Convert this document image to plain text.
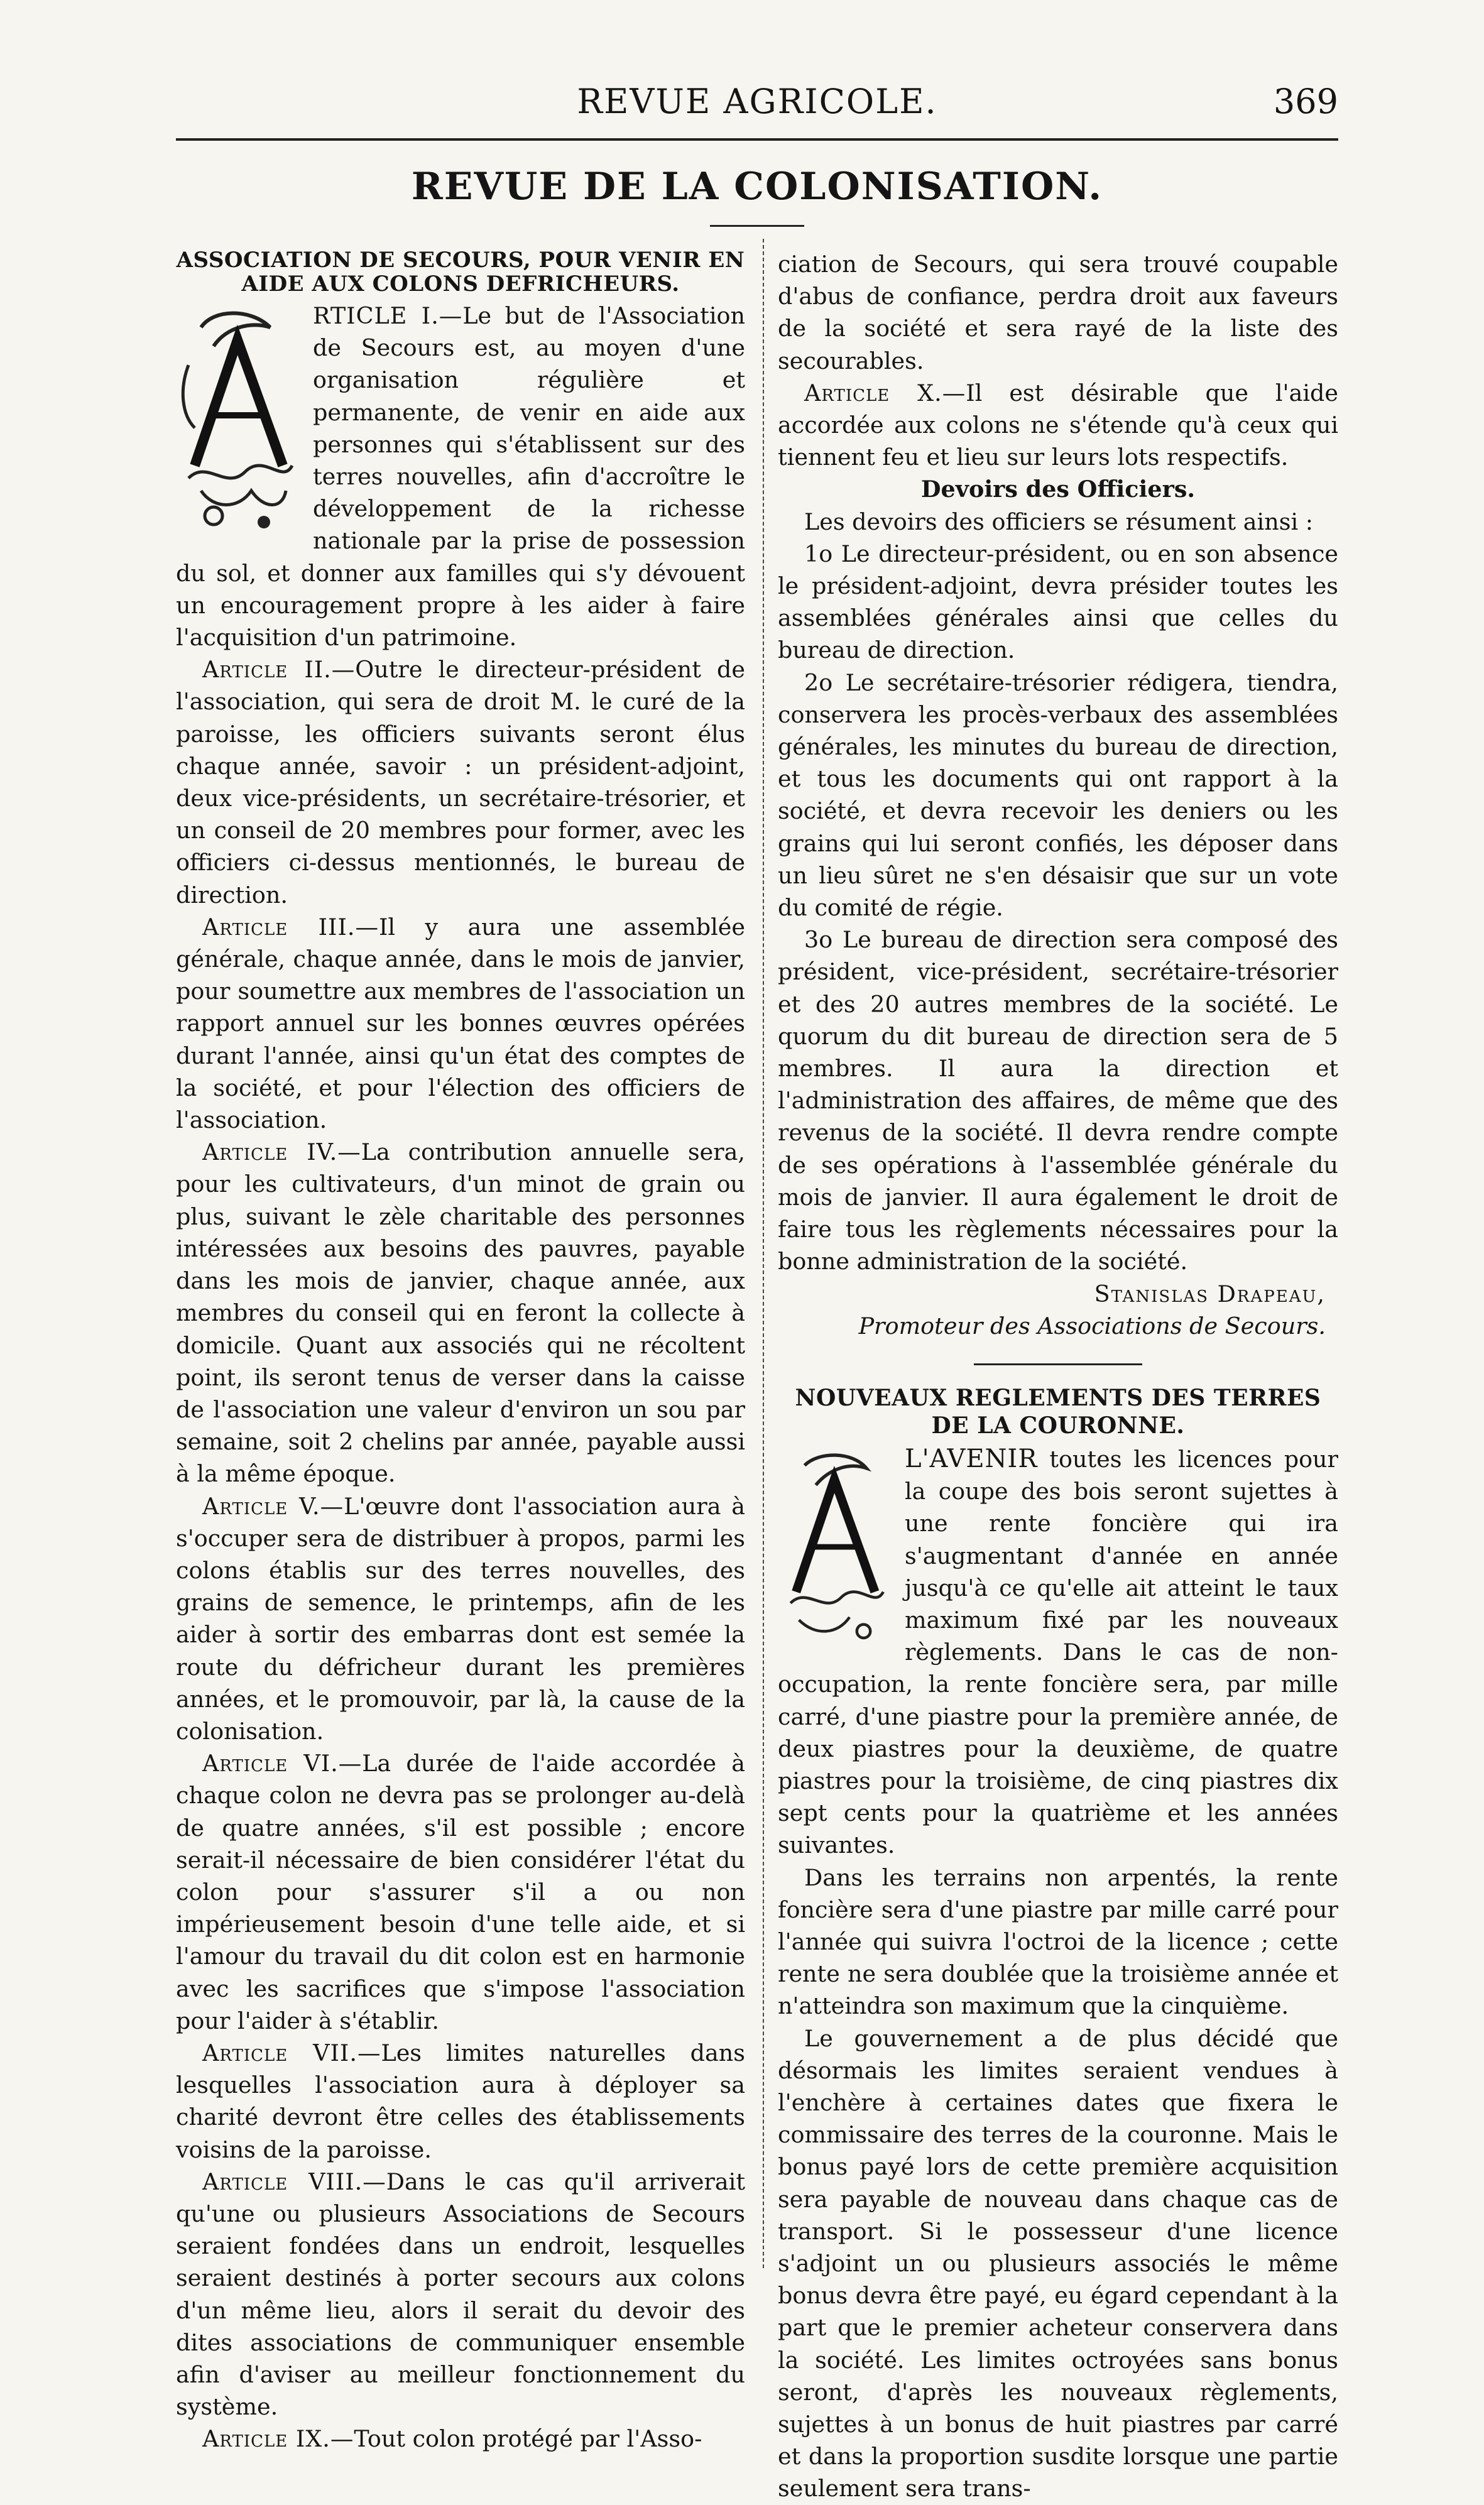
REVUE AGRICOLE.	369
REVUE DE LA COLONISATION.
ASSOCIATION DE SECOURS, POUR VENIR EN AIDE AUX COLONS DEFRICHEURS.

RTICLE I.—Le but de l'Association de Secours est, au moyen d'une organisation régulière et permanente, de venir en aide aux personnes qui s'établissent sur des terres nouvelles, afin d'accroître le développement de la richesse nationale par la prise de possession du sol, et donner aux familles qui s'y dévouent un encouragement propre à les aider à faire l'acquisition d'un patrimoine.

Article II.—Outre le directeur-président de l'association, qui sera de droit M. le curé de la paroisse, les officiers suivants seront élus chaque année, savoir : un président-adjoint, deux vice-présidents, un secrétaire-trésorier, et un conseil de 20 membres pour former, avec les officiers ci-dessus mentionnés, le bureau de direction.

Article III.—Il y aura une assemblée générale, chaque année, dans le mois de janvier, pour soumettre aux membres de l'association un rapport annuel sur les bonnes œuvres opérées durant l'année, ainsi qu'un état des comptes de la société, et pour l'élection des officiers de l'association.

Article IV.—La contribution annuelle sera, pour les cultivateurs, d'un minot de grain ou plus, suivant le zèle charitable des personnes intéressées aux besoins des pauvres, payable dans les mois de janvier, chaque année, aux membres du conseil qui en feront la collecte à domicile. Quant aux associés qui ne récoltent point, ils seront tenus de verser dans la caisse de l'association une valeur d'environ un sou par semaine, soit 2 chelins par année, payable aussi à la même époque.

Article V.—L'œuvre dont l'association aura à s'occuper sera de distribuer à propos, parmi les colons établis sur des terres nouvelles, des grains de semence, le printemps, afin de les aider à sortir des embarras dont est semée la route du défricheur durant les premières années, et le promouvoir, par là, la cause de la colonisation.

Article VI.—La durée de l'aide accordée à chaque colon ne devra pas se prolonger au-delà de quatre années, s'il est possible ; encore serait-il nécessaire de bien considérer l'état du colon pour s'assurer s'il a ou non impérieusement besoin d'une telle aide, et si l'amour du travail du dit colon est en harmonie avec les sacrifices que s'impose l'association pour l'aider à s'établir.

Article VII.—Les limites naturelles dans lesquelles l'association aura à déployer sa charité devront être celles des établissements voisins de la paroisse.

Article VIII.—Dans le cas qu'il arriverait qu'une ou plusieurs Associations de Secours seraient fondées dans un endroit, lesquelles seraient destinés à porter secours aux colons d'un même lieu, alors il serait du devoir des dites associations de communiquer ensemble afin d'aviser au meilleur fonctionnement du système.

Article IX.—Tout colon protégé par l'Asso-

ciation de Secours, qui sera trouvé coupable d'abus de confiance, perdra droit aux faveurs de la société et sera rayé de la liste des secourables.

Article X.—Il est désirable que l'aide accordée aux colons ne s'étende qu'à ceux qui tiennent feu et lieu sur leurs lots respectifs.

Devoirs des Officiers.

Les devoirs des officiers se résument ainsi :

1o Le directeur-président, ou en son absence le président-adjoint, devra présider toutes les assemblées générales ainsi que celles du bureau de direction.

2o Le secrétaire-trésorier rédigera, tiendra, conservera les procès-verbaux des assemblées générales, les minutes du bureau de direction, et tous les documents qui ont rapport à la société, et devra recevoir les deniers ou les grains qui lui seront confiés, les déposer dans un lieu sûret ne s'en désaisir que sur un vote du comité de régie.

3o Le bureau de direction sera composé des président, vice-président, secrétaire-trésorier et des 20 autres membres de la société. Le quorum du dit bureau de direction sera de 5 membres. Il aura la direction et l'administration des affaires, de même que des revenus de la société. Il devra rendre compte de ses opérations à l'assemblée générale du mois de janvier. Il aura également le droit de faire tous les règlements nécessaires pour la bonne administration de la société.

Stanislas Drapeau,

Promoteur des Associations de Secours.

NOUVEAUX REGLEMENTS DES TERRES DE LA COURONNE.

L'AVENIR toutes les licences pour la coupe des bois seront sujettes à une rente foncière qui ira s'augmentant d'année en année jusqu'à ce qu'elle ait atteint le taux maximum fixé par les nouveaux règlements. Dans le cas de non-occupation, la rente foncière sera, par mille carré, d'une piastre pour la première année, de deux piastres pour la deuxième, de quatre piastres pour la troisième, de cinq piastres dix sept cents pour la quatrième et les années suivantes.

Dans les terrains non arpentés, la rente foncière sera d'une piastre par mille carré pour l'année qui suivra l'octroi de la licence ; cette rente ne sera doublée que la troisième année et n'atteindra son maximum que la cinquième.

Le gouvernement a de plus décidé que désormais les limites seraient vendues à l'enchère à certaines dates que fixera le commissaire des terres de la couronne. Mais le bonus payé lors de cette première acquisition sera payable de nouveau dans chaque cas de transport. Si le possesseur d'une licence s'adjoint un ou plusieurs associés le même bonus devra être payé, eu égard cependant à la part que le premier acheteur conservera dans la société. Les limites octroyées sans bonus seront, d'après les nouveaux règlements, sujettes à un bonus de huit piastres par carré et dans la proportion susdite lorsque une partie seulement sera trans-
